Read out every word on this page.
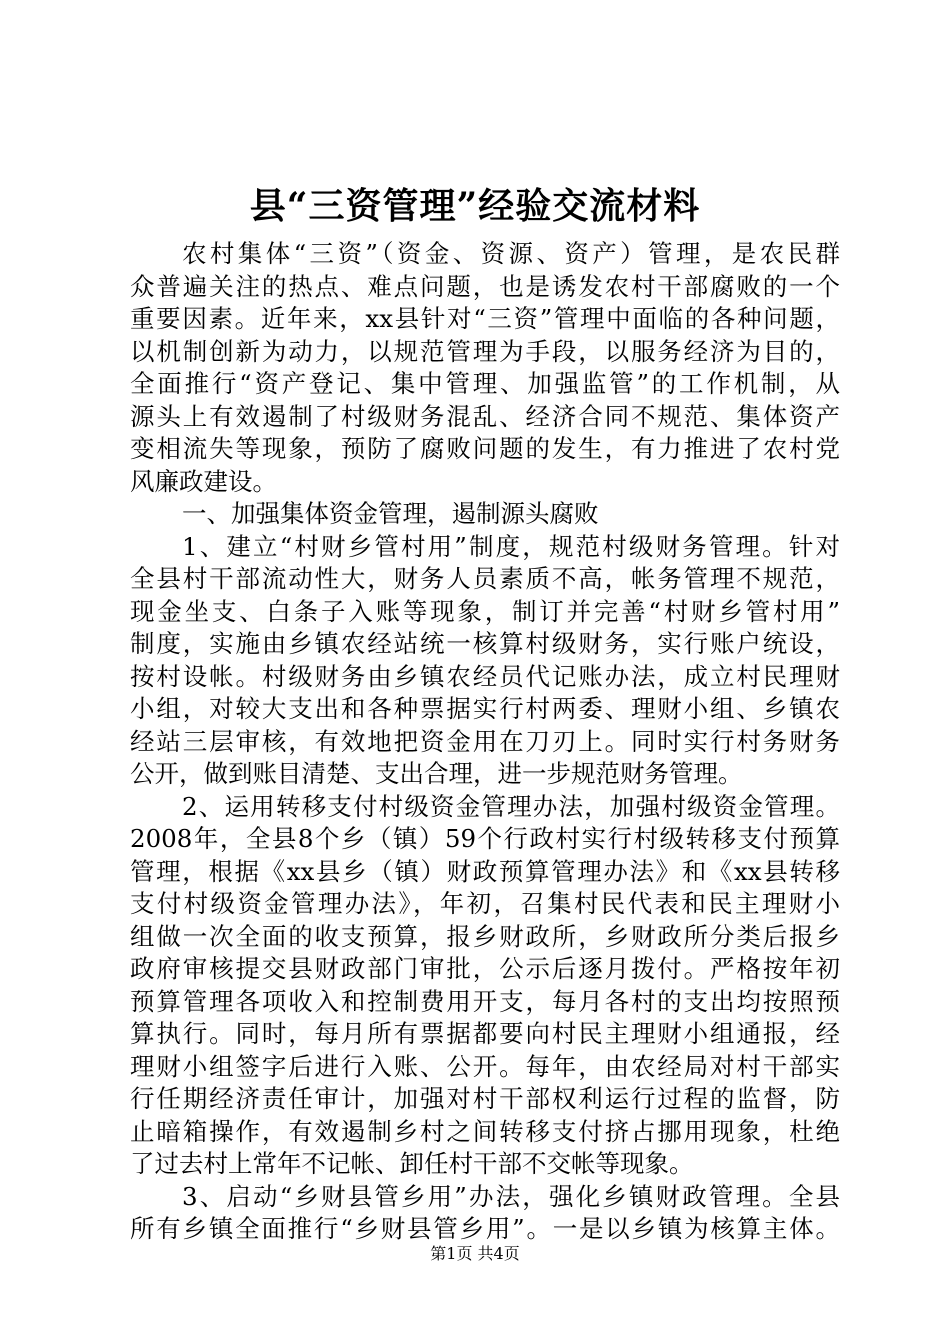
县“三资管理”经验交流材料
农村集体“三资”（资金、资源、资产）管理，是农民群
众普遍关注的热点、难点问题，也是诱发农村干部腐败的一个
重要因素。近年来，xx县针对“三资”管理中面临的各种问题，
以机制创新为动力，以规范管理为手段，以服务经济为目的，
全面推行“资产登记、集中管理、加强监管”的工作机制，从
源头上有效遏制了村级财务混乱、经济合同不规范、集体资产
变相流失等现象，预防了腐败问题的发生，有力推进了农村党
风廉政建设。
一、加强集体资金管理，遏制源头腐败
1、建立“村财乡管村用”制度，规范村级财务管理。针对
全县村干部流动性大，财务人员素质不高，帐务管理不规范，
现金坐支、白条子入账等现象，制订并完善“村财乡管村用”
制度，实施由乡镇农经站统一核算村级财务，实行账户统设，
按村设帐。村级财务由乡镇农经员代记账办法，成立村民理财
小组，对较大支出和各种票据实行村两委、理财小组、乡镇农
经站三层审核，有效地把资金用在刀刃上。同时实行村务财务
公开，做到账目清楚、支出合理，进一步规范财务管理。
2、运用转移支付村级资金管理办法，加强村级资金管理。
2008年，全县8个乡（镇）59个行政村实行村级转移支付预算
管理，根据《xx县乡（镇）财政预算管理办法》和《xx县转移
支付村级资金管理办法》，年初，召集村民代表和民主理财小
组做一次全面的收支预算，报乡财政所，乡财政所分类后报乡
政府审核提交县财政部门审批，公示后逐月拨付。严格按年初
预算管理各项收入和控制费用开支，每月各村的支出均按照预
算执行。同时，每月所有票据都要向村民主理财小组通报，经
理财小组签字后进行入账、公开。每年，由农经局对村干部实
行任期经济责任审计，加强对村干部权利运行过程的监督，防
止暗箱操作，有效遏制乡村之间转移支付挤占挪用现象，杜绝
了过去村上常年不记帐、卸任村干部不交帐等现象。
3、启动“乡财县管乡用”办法，强化乡镇财政管理。全县
所有乡镇全面推行“乡财县管乡用”。一是以乡镇为核算主体。
第1页 共4页
